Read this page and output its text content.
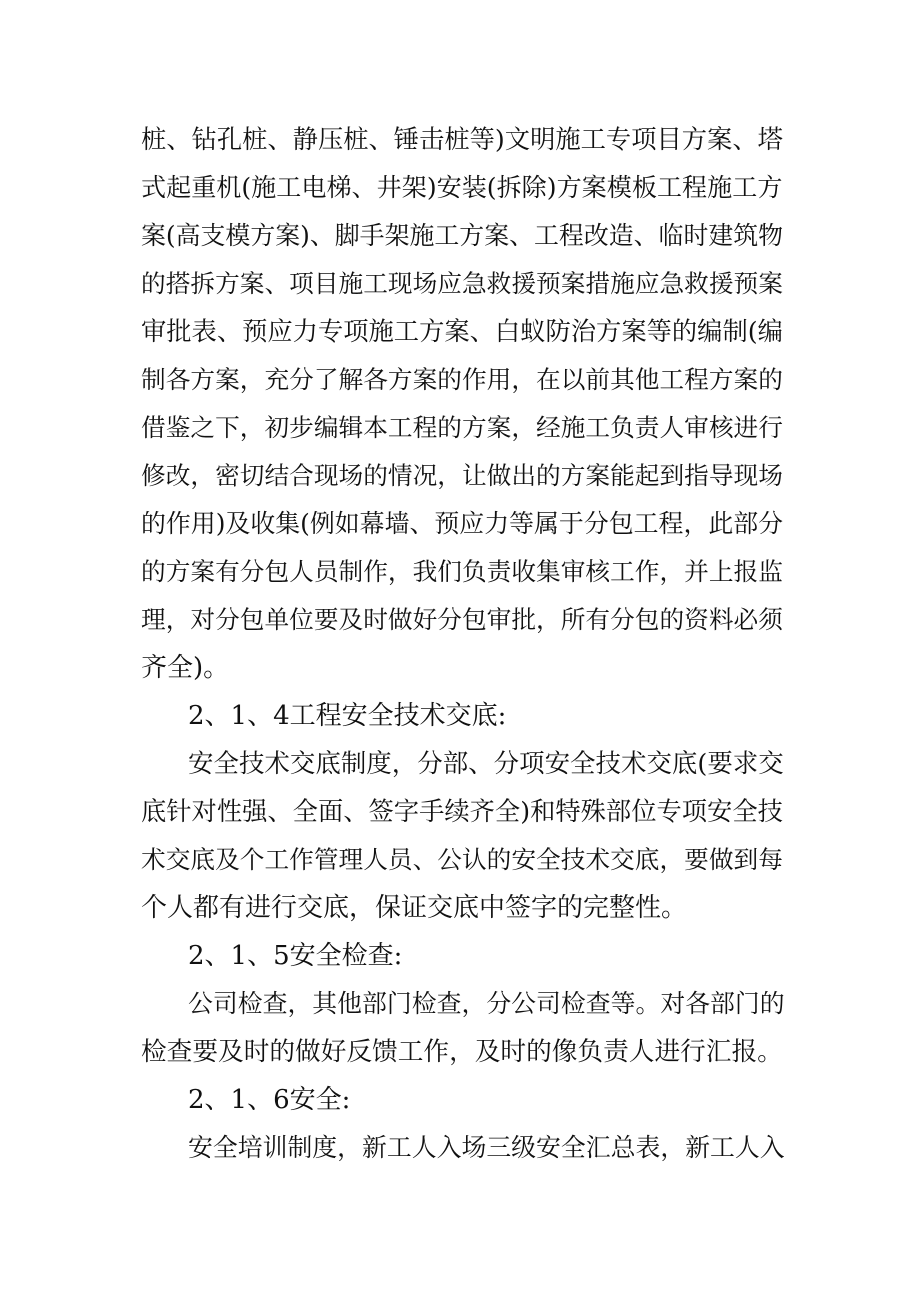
桩、钻孔桩、静压桩、锤击桩等)文明施工专项目方案、塔
式起重机(施工电梯、井架)安装(拆除)方案模板工程施工方
案(高支模方案)、脚手架施工方案、工程改造、临时建筑物
的搭拆方案、项目施工现场应急救援预案措施应急救援预案
审批表、预应力专项施工方案、白蚁防治方案等的编制(编
制各方案，充分了解各方案的作用，在以前其他工程方案的
借鉴之下，初步编辑本工程的方案，经施工负责人审核进行
修改，密切结合现场的情况，让做出的方案能起到指导现场
的作用)及收集(例如幕墙、预应力等属于分包工程，此部分
的方案有分包人员制作，我们负责收集审核工作，并上报监
理，对分包单位要及时做好分包审批，所有分包的资料必须
齐全)。
2、1、4工程安全技术交底:
安全技术交底制度，分部、分项安全技术交底(要求交
底针对性强、全面、签字手续齐全)和特殊部位专项安全技
术交底及个工作管理人员、公认的安全技术交底，要做到每
个人都有进行交底，保证交底中签字的完整性。
2、1、5安全检查:
公司检查，其他部门检查，分公司检查等。对各部门的
检查要及时的做好反馈工作，及时的像负责人进行汇报。
2、1、6安全:
安全培训制度，新工人入场三级安全汇总表，新工人入
